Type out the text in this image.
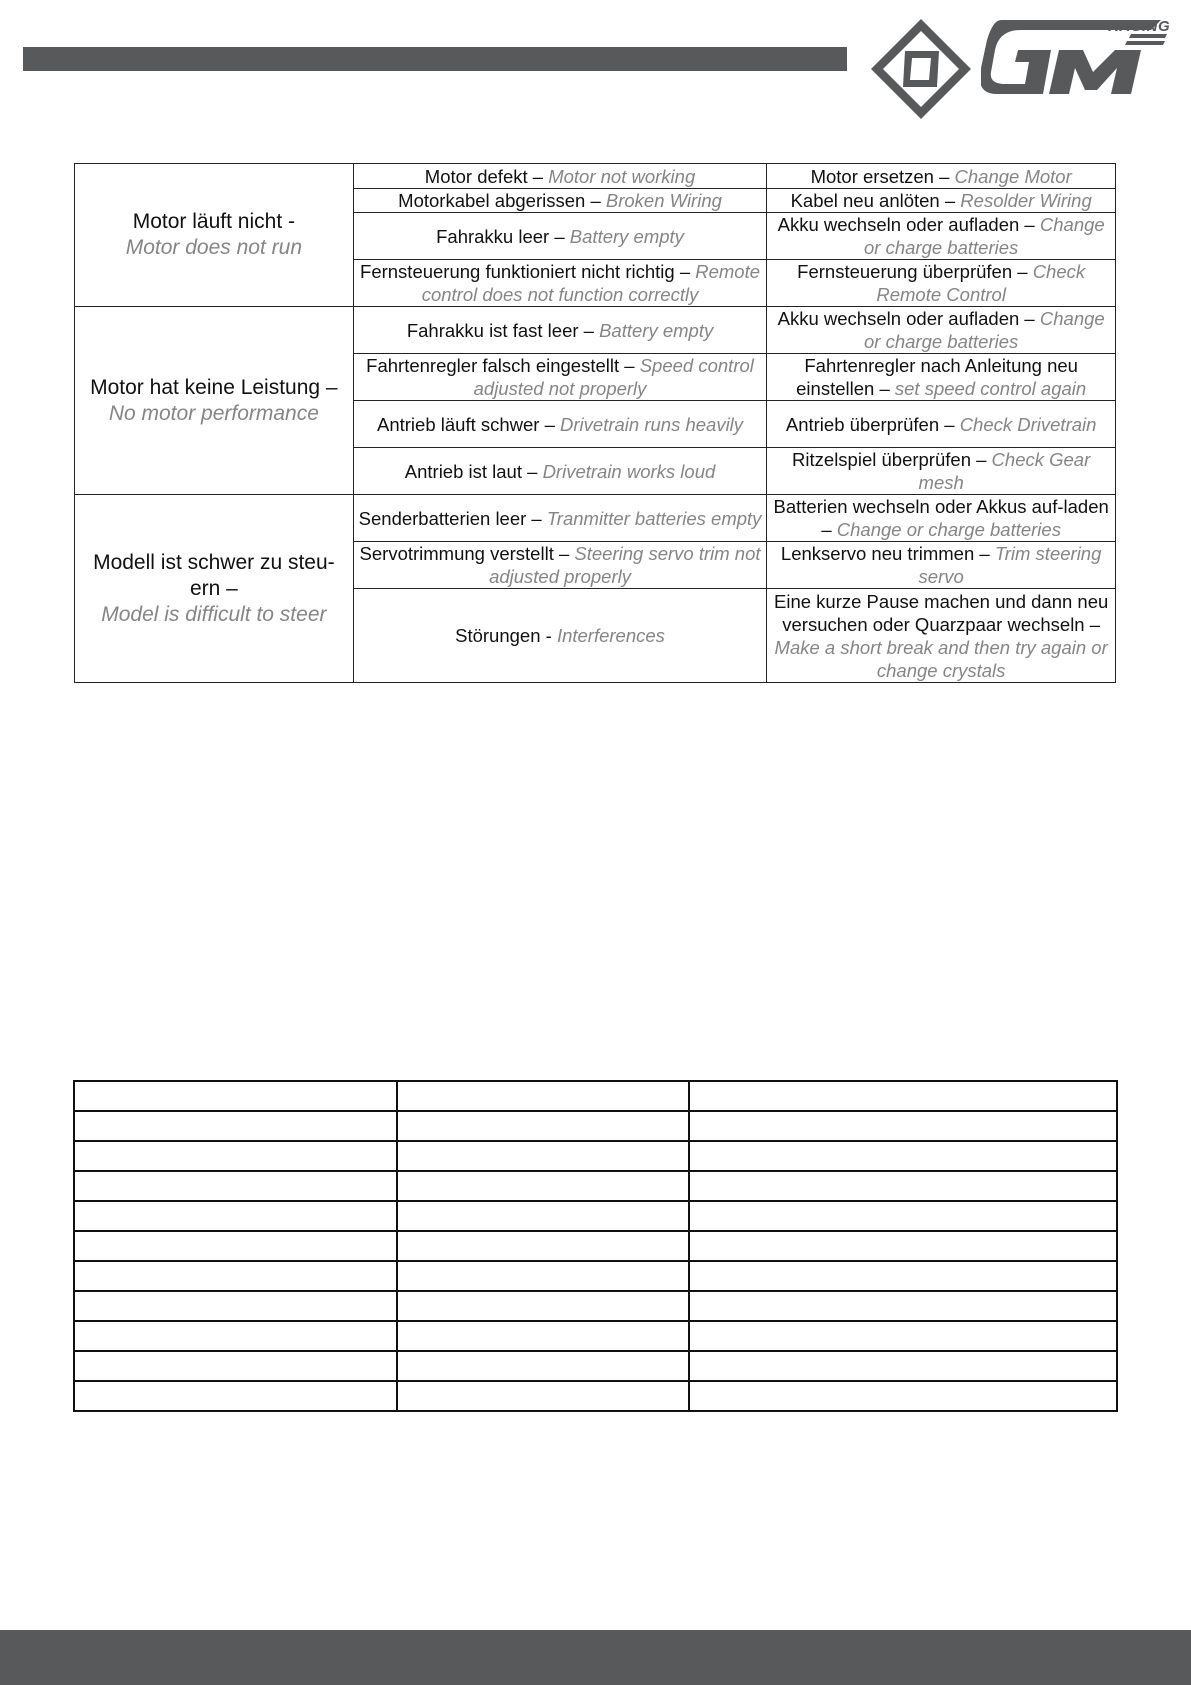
RACING
Motor läuft nicht -
Motor does not run	Motor defekt – Motor not working	Motor ersetzen – Change Motor
	Motorkabel abgerissen – Broken Wiring	Kabel neu anlöten – Resolder Wiring
	Fahrakku leer – Battery empty	Akku wechseln oder aufladen – Change or charge batteries
	Fernsteuerung funktioniert nicht richtig – Remote control does not function correctly	Fernsteuerung überprüfen – Check Remote Control
Motor hat keine Leistung –
No motor performance	Fahrakku ist fast leer – Battery empty	Akku wechseln oder aufladen – Change or charge batteries
	Fahrtenregler falsch eingestellt – Speed control adjusted not properly	Fahrtenregler nach Anleitung neu einstellen – set speed control again
	Antrieb läuft schwer – Drivetrain runs heavily	Antrieb überprüfen – Check Drivetrain
	Antrieb ist laut – Drivetrain works loud	Ritzelspiel überprüfen – Check Gear mesh
Modell ist schwer zu steu-ern –
Model is difficult to steer	Senderbatterien leer – Tranmitter batteries empty	Batterien wechseln oder Akkus auf-laden – Change or charge batteries
	Servotrimmung verstellt – Steering servo trim not adjusted properly	Lenkservo neu trimmen – Trim steering servo
	Störungen - Interferences	Eine kurze Pause machen und dann neu versuchen oder Quarzpaar wechseln – Make a short break and then try again or change crystals
